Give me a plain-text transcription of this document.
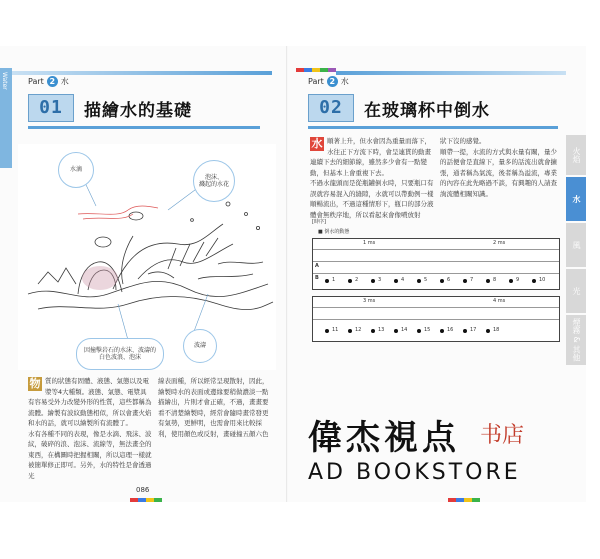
Water	Part 2 水
01	描繪水的基礎
水滴
泡沫、
濺起的水花
波濤
因撞擊岩石的水沫、波濤的
白色波浪、泡沫
物 質的狀態有固體、液態、氣態以及電漿等4大種類。液態、氣態、電漿具有容易受外力改變外形的性質，這些都稱為流體。繪製有波紋動態相似，所以會畫火焰和水的話，就可以繪製所有流體了。
水有各種不同的表現，像是水滴、飛沫、波紋，破碎的浪、泡沫、流線等，無法畫全的東西，在構圖時把握相關，所以這理一樣就被簡單修正即可。另外，水的特性是會透過光
線表面種，所以經常呈現散射，因此，繪製時水的表面或邊緣要稍做濃淡一點描繪出，片則才會正確，不過，畫畫要看不清楚繪製時，經常會隨時畫常發更有氣勢，更鮮明，也需會用來比較採利，使用顏色或反射，畫碰撞五顏六色
086
Part 2 水
02	在玻璃杯中倒水
水 順著上升，但水會因為重量而落下，水往正下方流下時，會呈連貫的動畫連續下去的細節線，雖然多少會有一點變動，但基本上會重複下去。
不過水龍頭而是從瓶罐倒水時，只要瓶口有誤就容易混入的縫隙，水就可以帶動例一樣順暢流出，不過這種情形下，瓶口的部分液體會無秩序地，所以看起來會像噴放射
狀下沒的感覺。
順帶一提，水流的方式與水量有關，量少的話便會是直線下，量多的話流出就會擴張，通者稱為氣流，後者稱為溢流，專業的內容在此先略過不談，有興趣的人請查詢流體相關知識。
[時序]
■ 倒水的動態
1 ms	2 ms
A
B	1	2	3	4	5	6	7	8	9	10
3 ms	4 ms
11	12	13	14	15	16	17	18
火焰
水
風
光
煙霧 & 其他
偉杰視点 书店
AD BOOKSTORE
